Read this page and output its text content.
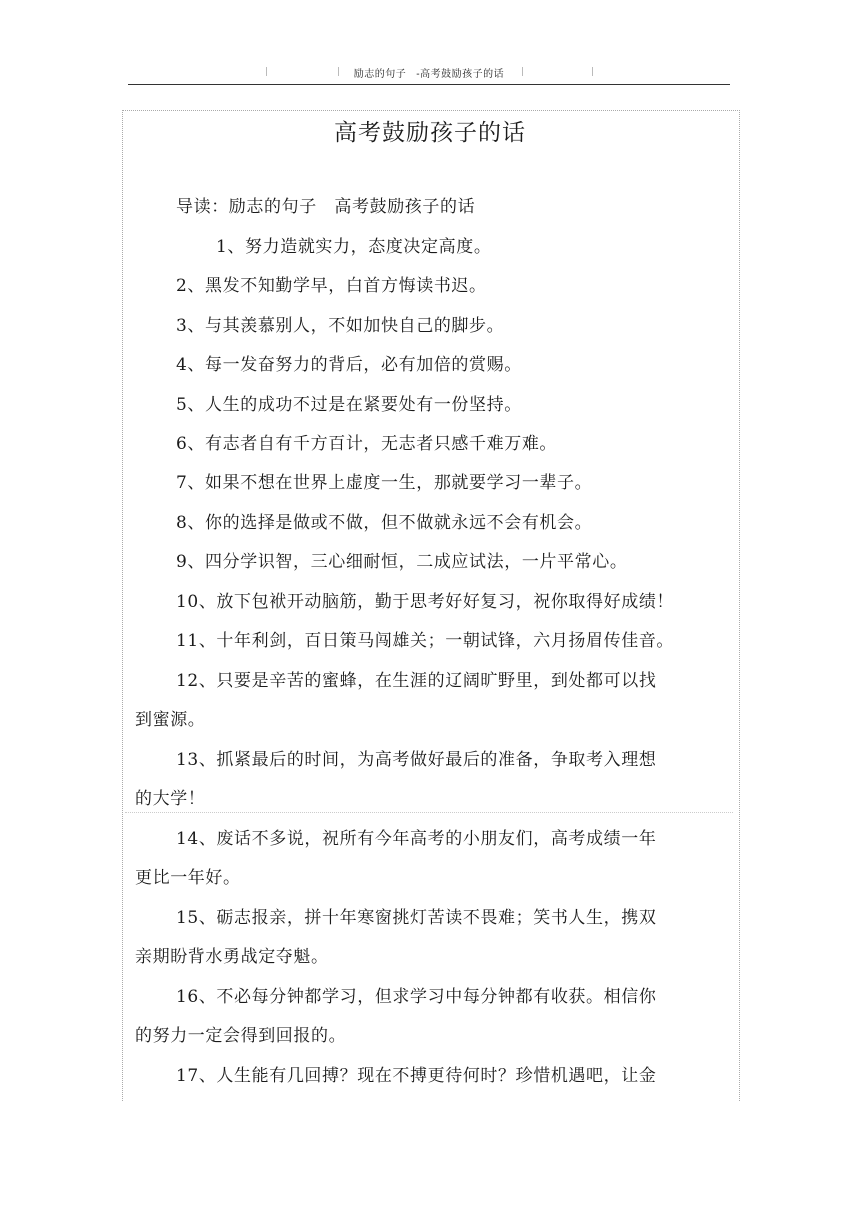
励志的句子 -高考鼓励孩子的话
高考鼓励孩子的话
导读：励志的句子　高考鼓励孩子的话
1、努力造就实力，态度决定高度。
2、黑发不知勤学早，白首方悔读书迟。
3、与其羡慕别人，不如加快自己的脚步。
4、每一发奋努力的背后，必有加倍的赏赐。
5、人生的成功不过是在紧要处有一份坚持。
6、有志者自有千方百计，无志者只感千难万难。
7、如果不想在世界上虚度一生，那就要学习一辈子。
8、你的选择是做或不做，但不做就永远不会有机会。
9、四分学识智，三心细耐恒，二成应试法，一片平常心。
10、放下包袱开动脑筋，勤于思考好好复习，祝你取得好成绩！
11、十年利剑，百日策马闯雄关；一朝试锋，六月扬眉传佳音。
12、只要是辛苦的蜜蜂，在生涯的辽阔旷野里，到处都可以找
到蜜源。
13、抓紧最后的时间，为高考做好最后的准备，争取考入理想
的大学！
14、废话不多说，祝所有今年高考的小朋友们，高考成绩一年
更比一年好。
15、砺志报亲，拼十年寒窗挑灯苦读不畏难；笑书人生，携双
亲期盼背水勇战定夺魁。
16、不必每分钟都学习，但求学习中每分钟都有收获。相信你
的努力一定会得到回报的。
17、人生能有几回搏？现在不搏更待何时？珍惜机遇吧，让金
